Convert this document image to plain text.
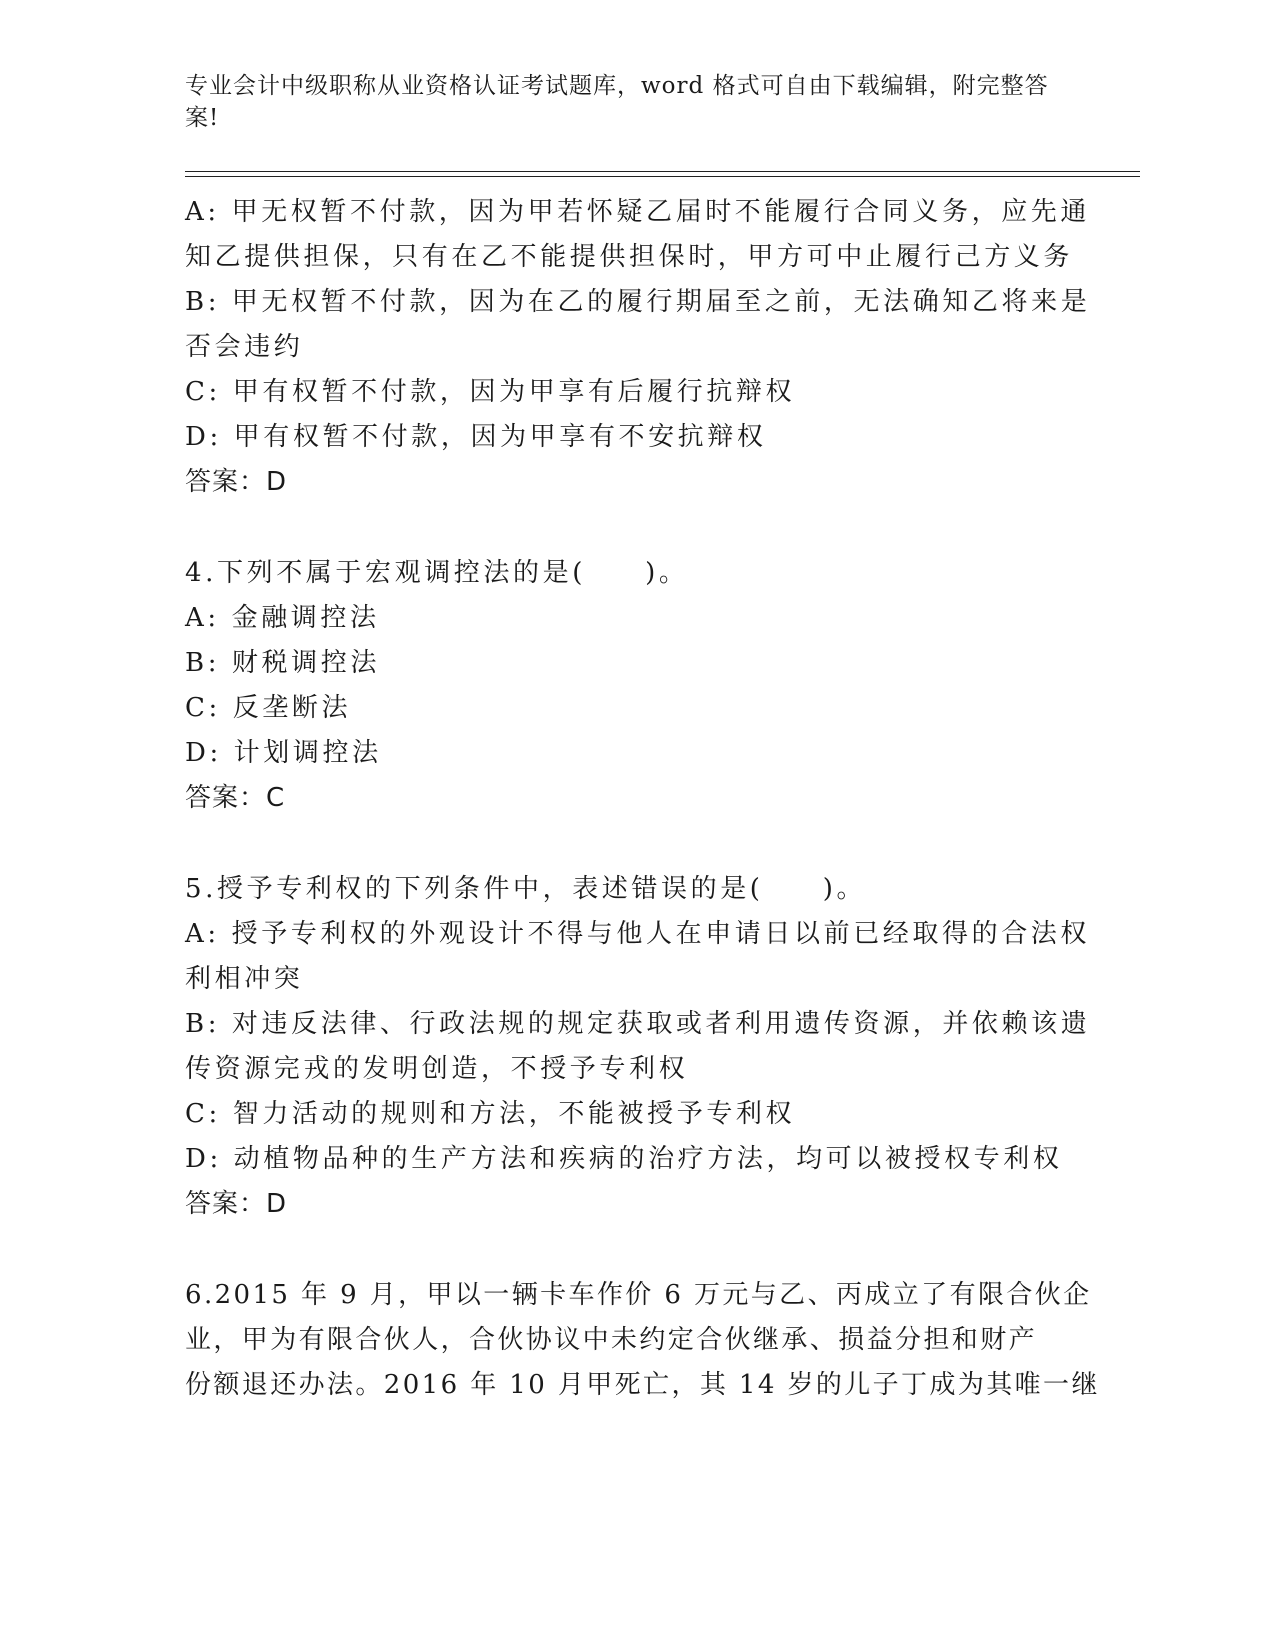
专业会计中级职称从业资格认证考试题库，word 格式可自由下载编辑，附完整答
案!
A: 甲无权暂不付款，因为甲若怀疑乙届时不能履行合同义务，应先通
知乙提供担保，只有在乙不能提供担保时，甲方可中止履行己方义务
B: 甲无权暂不付款，因为在乙的履行期届至之前，无法确知乙将来是
否会违约
C: 甲有权暂不付款，因为甲享有后履行抗辩权
D: 甲有权暂不付款，因为甲享有不安抗辩权
答案：D
4.下列不属于宏观调控法的是(　　)。
A: 金融调控法
B: 财税调控法
C: 反垄断法
D: 计划调控法
答案：C
5.授予专利权的下列条件中，表述错误的是(　　)。
A: 授予专利权的外观设计不得与他人在申请日以前已经取得的合法权
利相冲突
B: 对违反法律、行政法规的规定获取或者利用遗传资源，并依赖该遗
传资源完戎的发明创造，不授予专利权
C: 智力活动的规则和方法，不能被授予专利权
D: 动植物品种的生产方法和疾病的治疗方法，均可以被授权专利权
答案：D
6.2015 年 9 月，甲以一辆卡车作价 6 万元与乙、丙成立了有限合伙企
业，甲为有限合伙人，合伙协议中未约定合伙继承、损益分担和财产
份额退还办法。2016 年 10 月甲死亡，其 14 岁的儿子丁成为其唯一继
